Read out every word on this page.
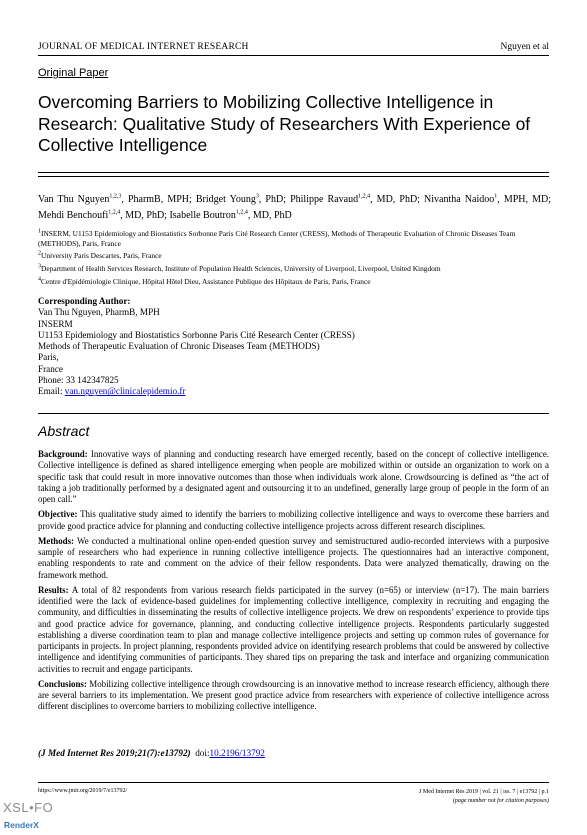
JOURNAL OF MEDICAL INTERNET RESEARCH	Nguyen et al
Original Paper
Overcoming Barriers to Mobilizing Collective Intelligence in Research: Qualitative Study of Researchers With Experience of Collective Intelligence
Van Thu Nguyen$^{1,2,3}$, PharmB, MPH; Bridget Young$^3$, PhD; Philippe Ravaud$^{1,2,4}$, MD, PhD; Nivantha Naidoo$^1$, MPH, MD; Mehdi Benchoufi$^{1,2,4}$, MD, PhD; Isabelle Boutron$^{1,2,4}$, MD, PhD
$^1$INSERM, U1153 Epidemiology and Biostatistics Sorbonne Paris Cité Research Center (CRESS), Methods of Therapeutic Evaluation of Chronic Diseases Team (METHODS), Paris, France
$^2$University Paris Descartes, Paris, France
$^3$Department of Health Services Research, Institute of Population Health Sciences, University of Liverpool, Liverpool, United Kingdom
$^4$Centre d'Epidémiologie Clinique, Hôpital Hôtel Dieu, Assistance Publique des Hôpitaux de Paris, Paris, France
Corresponding Author:
Van Thu Nguyen, PharmB, MPH
INSERM
U1153 Epidemiology and Biostatistics Sorbonne Paris Cité Research Center (CRESS)
Methods of Therapeutic Evaluation of Chronic Diseases Team (METHODS)
Paris,
France
Phone: 33 142347825
Email: van.nguyen@clinicalepidemio.fr
Abstract

Background: Innovative ways of planning and conducting research have emerged recently, based on the concept of collective intelligence. Collective intelligence is defined as shared intelligence emerging when people are mobilized within or outside an organization to work on a specific task that could result in more innovative outcomes than those when individuals work alone. Crowdsourcing is defined as “the act of taking a job traditionally performed by a designated agent and outsourcing it to an undefined, generally large group of people in the form of an open call.”

Objective: This qualitative study aimed to identify the barriers to mobilizing collective intelligence and ways to overcome these barriers and provide good practice advice for planning and conducting collective intelligence projects across different research disciplines.

Methods: We conducted a multinational online open-ended question survey and semistructured audio-recorded interviews with a purposive sample of researchers who had experience in running collective intelligence projects. The questionnaires had an interactive component, enabling respondents to rate and comment on the advice of their fellow respondents. Data were analyzed thematically, drawing on the framework method.

Results: A total of 82 respondents from various research fields participated in the survey (n=65) or interview (n=17). The main barriers identified were the lack of evidence-based guidelines for implementing collective intelligence, complexity in recruiting and engaging the community, and difficulties in disseminating the results of collective intelligence projects. We drew on respondents’ experience to provide tips and good practice advice for governance, planning, and conducting collective intelligence projects. Respondents particularly suggested establishing a diverse coordination team to plan and manage collective intelligence projects and setting up common rules of governance for participants in projects. In project planning, respondents provided advice on identifying research problems that could be answered by collective intelligence and identifying communities of participants. They shared tips on preparing the task and interface and organizing communication activities to recruit and engage participants.

Conclusions: Mobilizing collective intelligence through crowdsourcing is an innovative method to increase research efficiency, although there are several barriers to its implementation. We present good practice advice from researchers with experience of collective intelligence across different disciplines to overcome barriers to mobilizing collective intelligence.

(J Med Internet Res 2019;21(7):e13792) doi:10.2196/13792
https://www.jmir.org/2019/7/e13792/	J Med Internet Res 2019 | vol. 21 | iss. 7 | e13792 | p.1
(page number not for citation purposes)
XSL•FO
RenderX
